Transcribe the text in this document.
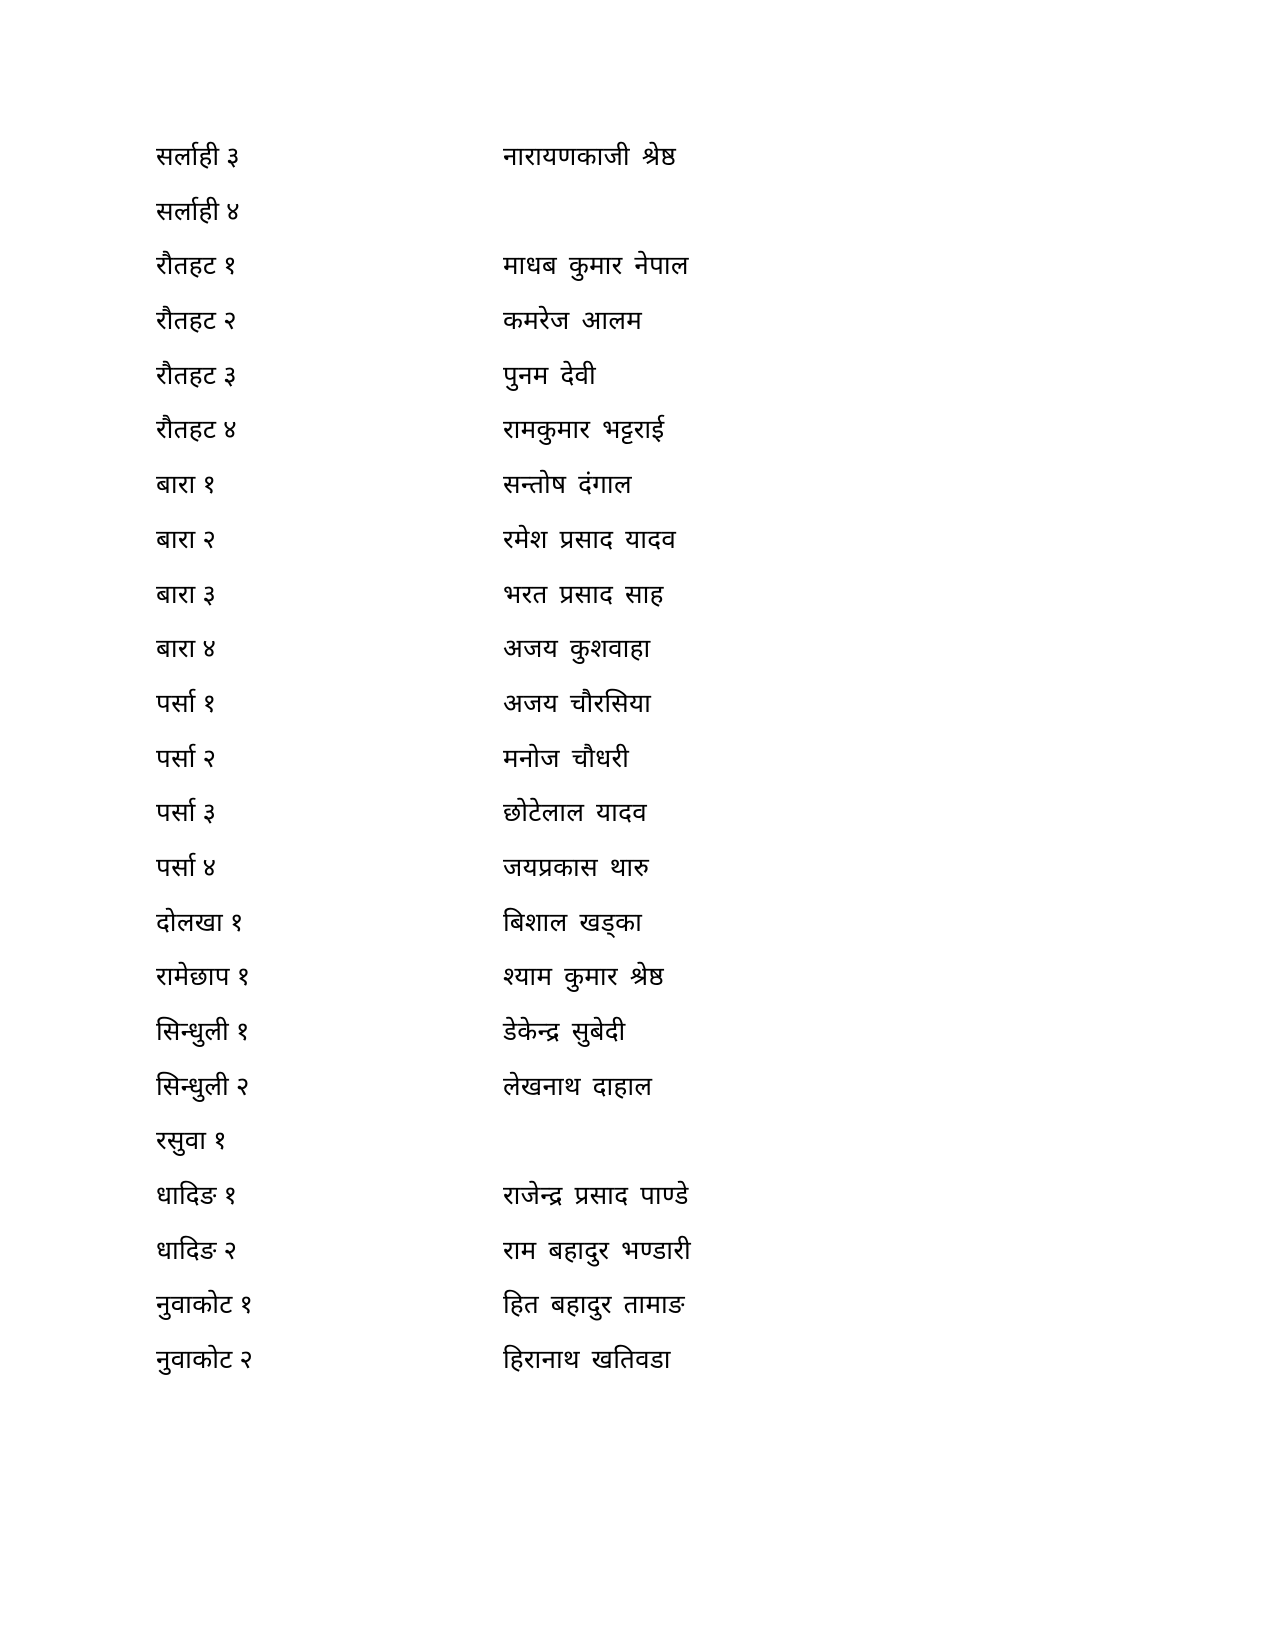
सर्लाही ३	नारायणकाजी श्रेष्ठ
सर्लाही ४
रौतहट १	माधब कुमार नेपाल
रौतहट २	कमरेज आलम
रौतहट ३	पुनम देवी
रौतहट ४	रामकुमार भट्टराई
बारा १	सन्तोष दंगाल
बारा २	रमेश प्रसाद यादव
बारा ३	भरत प्रसाद साह
बारा ४	अजय कुशवाहा
पर्सा १	अजय चौरसिया
पर्सा २	मनोज चौधरी
पर्सा ३	छोटेलाल यादव
पर्सा ४	जयप्रकास थारु
दोलखा १	बिशाल खड्का
रामेछाप १	श्याम कुमार श्रेष्ठ
सिन्धुली १	डेकेन्द्र सुबेदी
सिन्धुली २	लेखनाथ दाहाल
रसुवा १
धादिङ १	राजेन्द्र प्रसाद पाण्डे
धादिङ २	राम बहादुर भण्डारी
नुवाकोट १	हित बहादुर तामाङ
नुवाकोट २	हिरानाथ खतिवडा
